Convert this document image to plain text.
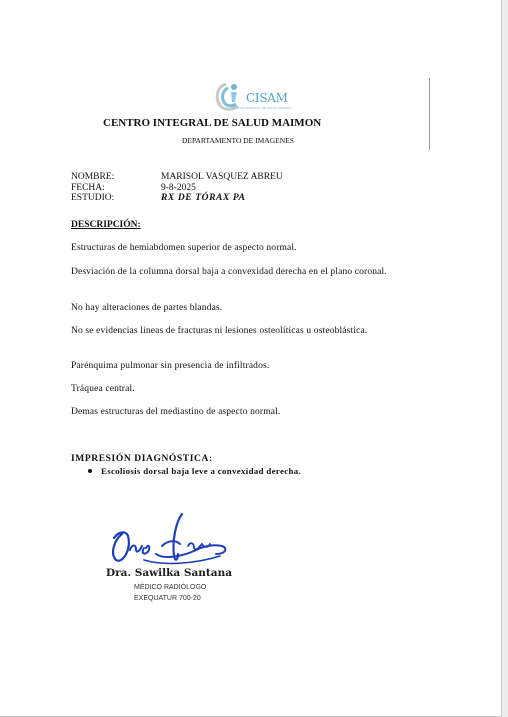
CISAM
CENTRO INTEGRAL DE SALUD MAIMON
CENTRO INTEGRAL DE SALUD MAIMON
DEPARTAMENTO DE IMAGENES
NOMBRE:	MARISOL VASQUEZ ABREU
FECHA:	9-8-2025
ESTUDIO:	RX DE TÓRAX PA
DESCRIPCIÓN:
Estructuras de hemiabdomen superior de aspecto normal.
Desviación de la columna dorsal baja a convexidad derecha en el plano coronal.
No hay alteraciones de partes blandas.
No se evidencias líneas de fracturas ni lesiones osteolíticas u osteoblástica.
Parénquima pulmonar sin presencia de infiltrados.
Tráquea central.
Demas estructuras del mediastino de aspecto normal.
IMPRESIÓN DIAGNÓSTICA:
Escoliosis dorsal baja leve a convexidad derecha.
Dra. Sawilka Santana
MÉDICO RADIÓLOGO
EXEQUATUR 700-20
